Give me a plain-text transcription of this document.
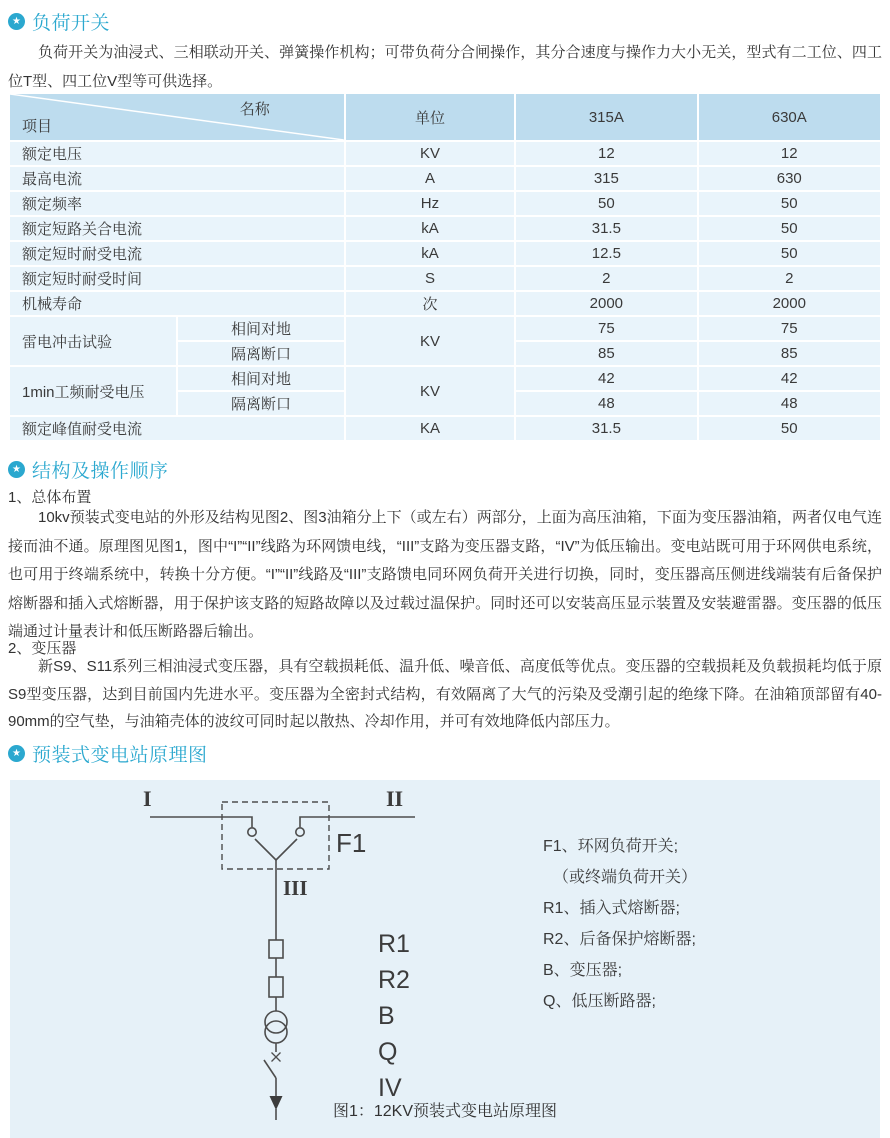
★ 负荷开关
负荷开关为油浸式、三相联动开关、弹簧操作机构；可带负荷分合闸操作，其分合速度与操作力大小无关，型式有二工位、四工位T型、四工位V型等可供选择。
名称
项目		单位	315A	630A
额定电压		KV	12	12
最高电流		A	315	630
额定频率		Hz	50	50
额定短路关合电流		kA	31.5	50
额定短时耐受电流		kA	12.5	50
额定短时耐受时间		S	2	2
机械寿命		次	2000	2000
雷电冲击试验	相间对地	KV	75	75
	隔离断口		85	85
1min工频耐受电压	相间对地	KV	42	42
	隔离断口		48	48
额定峰值耐受电流		KA	31.5	50
★ 结构及操作顺序
1、总体布置
10kv预装式变电站的外形及结构见图2、图3油箱分上下（或左右）两部分，上面为高压油箱，下面为变压器油箱，两者仅电气连接而油不通。原理图见图1，图中“I”“II”线路为环网馈电线，“III”支路为变压器支路，“IV”为低压输出。变电站既可用于环网供电系统，也可用于终端系统中，转换十分方便。“I”“II”线路及“III”支路馈电同环网负荷开关进行切换，同时，变压器高压侧进线端装有后备保护熔断器和插入式熔断器，用于保护该支路的短路故障以及过载过温保护。同时还可以安装高压显示装置及安装避雷器。变压器的低压端通过计量表计和低压断路器后输出。
2、变压器
新S9、S11系列三相油浸式变压器，具有空载损耗低、温升低、噪音低、高度低等优点。变压器的空载损耗及负载损耗均低于原S9型变压器，达到目前国内先进水平。变压器为全密封式结构，有效隔离了大气的污染及受潮引起的绝缘下降。在油箱顶部留有40-90mm的空气垫，与油箱壳体的波纹可同时起以散热、冷却作用，并可有效地降低内部压力。
★ 预装式变电站原理图
I	II
III
F1
R1
R2
B
Q
IV
F1、环网负荷开关;
（或终端负荷开关）
R1、插入式熔断器;
R2、后备保护熔断器;
B、变压器;
Q、低压断路器;
图1：12KV预装式变电站原理图
